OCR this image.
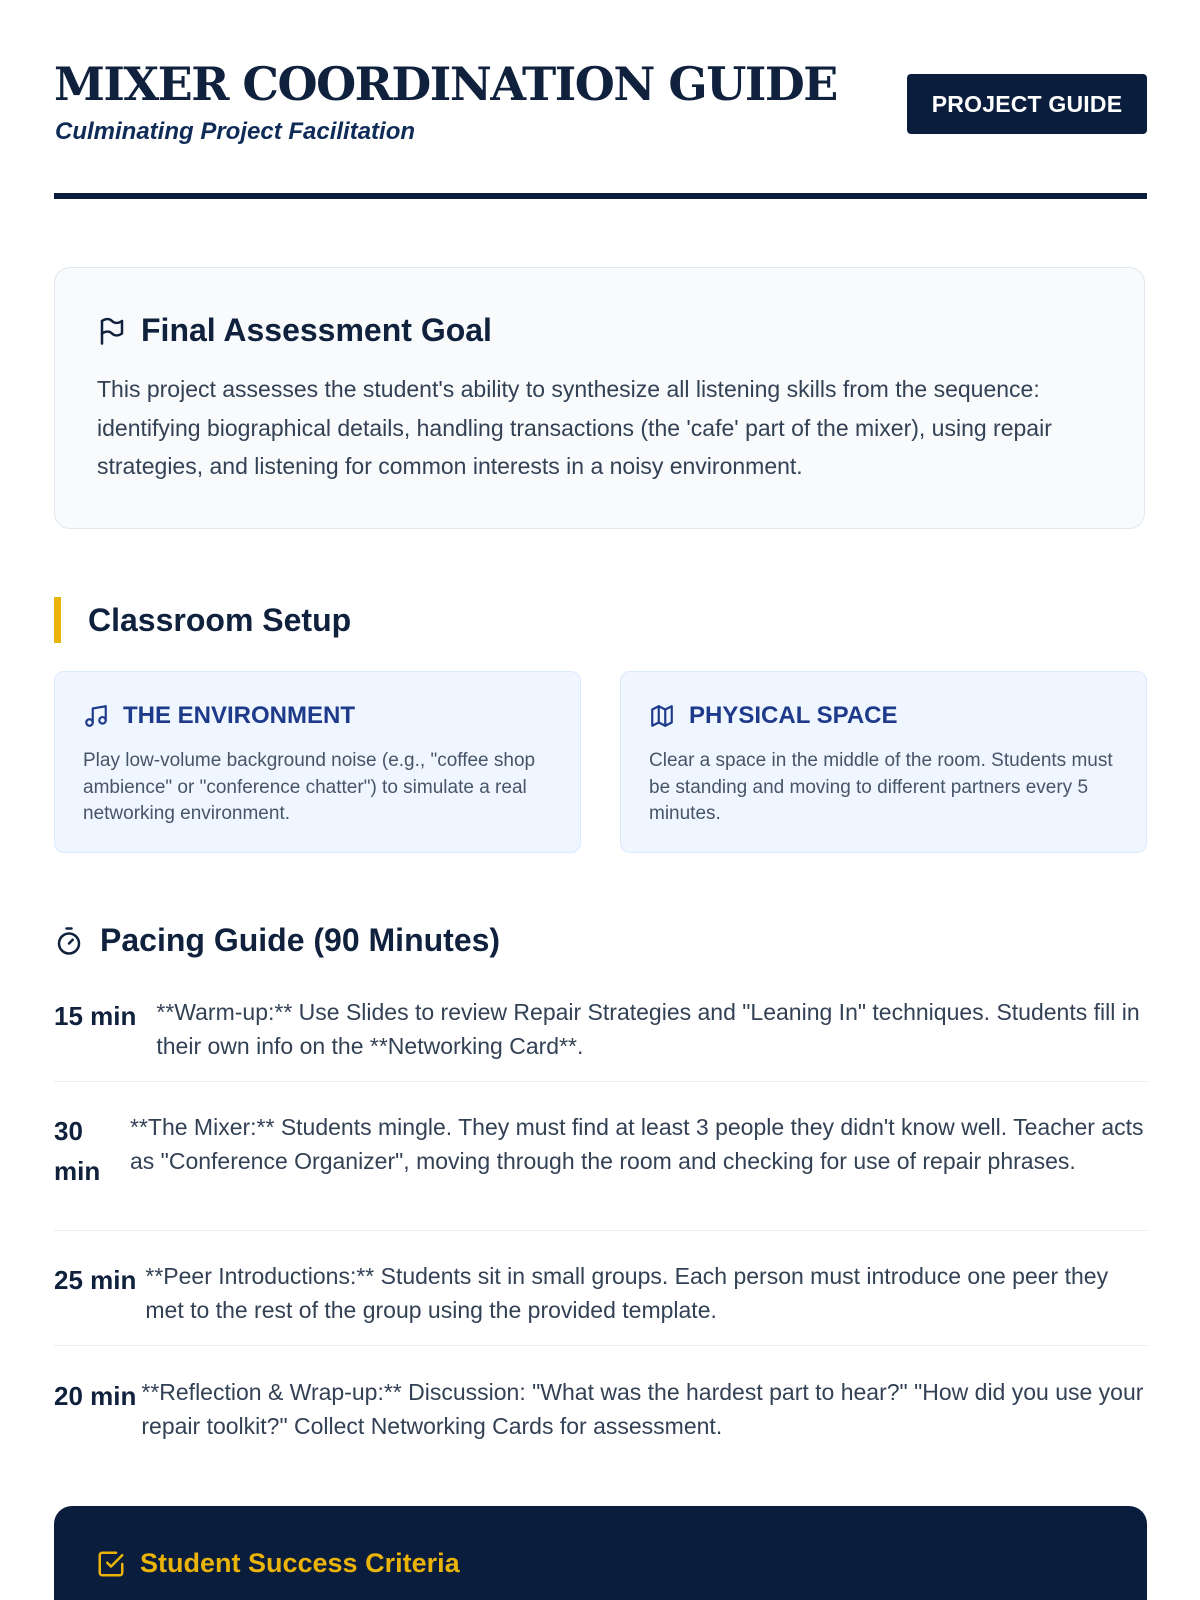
MIXER COORDINATION GUIDE
Culminating Project Facilitation
PROJECT GUIDE
Final Assessment Goal

This project assesses the student's ability to synthesize all listening skills from the sequence: identifying biographical details, handling transactions (the 'cafe' part of the mixer), using repair strategies, and listening for common interests in a noisy environment.

Classroom Setup
THE ENVIRONMENT

Play low-volume background noise (e.g., "coffee shop ambience" or "conference chatter") to simulate a real networking environment.

PHYSICAL SPACE

Clear a space in the middle of the room. Students must be standing and moving to different partners every 5 minutes.

Pacing Guide (90 Minutes)
15 min **Warm-up:** Use Slides to review Repair Strategies and "Leaning In" techniques. Students fill in their own info on the **Networking Card**.

30 min

**The Mixer:** Students mingle. They must find at least 3 people they didn't know well. Teacher acts as "Conference Organizer", moving through the room and checking for use of repair phrases.

25 min **Peer Introductions:** Students sit in small groups. Each person must introduce one peer they met to the rest of the group using the provided template.

20 min **Reflection & Wrap-up:** Discussion: "What was the hardest part to hear?" "How did you use your repair toolkit?" Collect Networking Cards for assessment.

Student Success Criteria
